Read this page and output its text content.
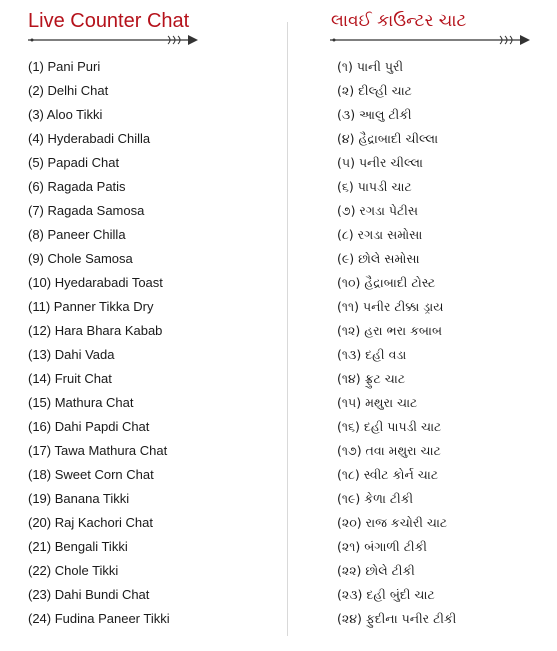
Live Counter Chat
(1) Pani Puri
(2) Delhi Chat
(3) Aloo Tikki
(4) Hyderabadi Chilla
(5) Papadi Chat
(6) Ragada Patis
(7) Ragada Samosa
(8) Paneer Chilla
(9) Chole Samosa
(10) Hyedarabadi Toast
(11) Panner Tikka Dry
(12) Hara Bhara Kabab
(13) Dahi Vada
(14) Fruit Chat
(15) Mathura Chat
(16) Dahi Papdi Chat
(17) Tawa Mathura Chat
(18) Sweet Corn Chat
(19) Banana Tikki
(20) Raj Kachori Chat
(21) Bengali Tikki
(22) Chole Tikki
(23) Dahi Bundi Chat
(24) Fudina Paneer Tikki
લાવઈ કાઉન્ટર ચાટ
(૧) પાની પુરી
(૨) દીલ્હી ચાટ
(૩) આલુ ટીકી
(૪) હૈદ્રાબાદી ચીલ્લા
(૫) પનીર ચીલ્લા
(૬) પાપડી ચાટ
(૭) રગડા પેટીસ
(૮) રગડા સમોસા
(૯) છોલે સમોસા
(૧૦) હૈદ્રાબાદી ટોસ્ટ
(૧૧) પનીર ટીક્કા ડ્રાય
(૧૨) હરા ભરા કબાબ
(૧૩) દહી વડા
(૧૪) ફ્રુટ ચાટ
(૧૫) મથુરા ચાટ
(૧૬) દહી પાપડી ચાટ
(૧૭) તવા મથુરા ચાટ
(૧૮) સ્વીટ કોર્ન ચાટ
(૧૯) કેળા ટીકી
(૨૦) રાજ કચોરી ચાટ
(૨૧) બંગાળી ટીકી
(૨૨) છોલે ટીકી
(૨૩) દહી બુંદી ચાટ
(૨૪) ફુદીના પનીર ટીકી
